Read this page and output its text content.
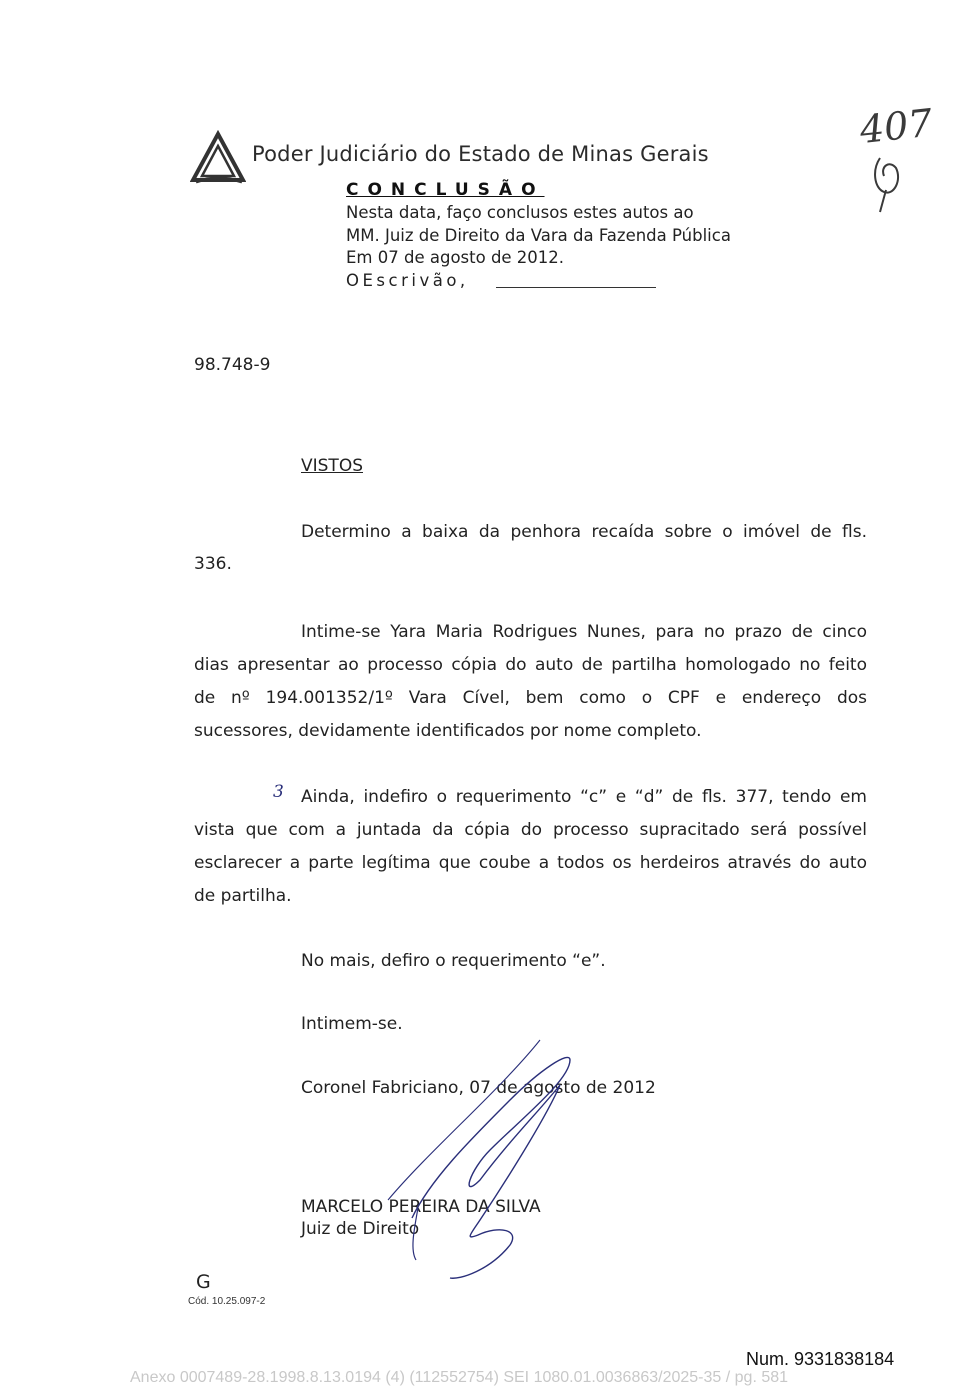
Poder Judiciário do Estado de Minas Gerais
407
CONCLUSÃO
Nesta data, faço conclusos estes autos ao
MM. Juiz de Direito da Vara da Fazenda Pública
Em 07 de agosto de 2012.
OEscrivão,
98.748-9
VISTOS
Determino a baixa da penhora recaída sobre o imóvel de fls.
336.
Intime-se Yara Maria Rodrigues Nunes, para no prazo de cinco
dias apresentar ao processo cópia do auto de partilha homologado no feito
de nº 194.001352/1º Vara Cível, bem como o CPF e endereço dos
sucessores, devidamente identificados por nome completo.
3 Ainda, indefiro o requerimento “c” e “d” de fls. 377, tendo em
vista que com a juntada da cópia do processo supracitado será possível
esclarecer a parte legítima que coube a todos os herdeiros através do auto
de partilha.
No mais, defiro o requerimento “e”.
Intimem-se.
Coronel Fabriciano, 07 de agosto de 2012
MARCELO PEREIRA DA SILVA
Juiz de Direito
G
Cód. 10.25.097-2
Num. 9331838184
Anexo 0007489-28.1998.8.13.0194 (4) (112552754) SEI 1080.01.0036863/2025-35 / pg. 581
